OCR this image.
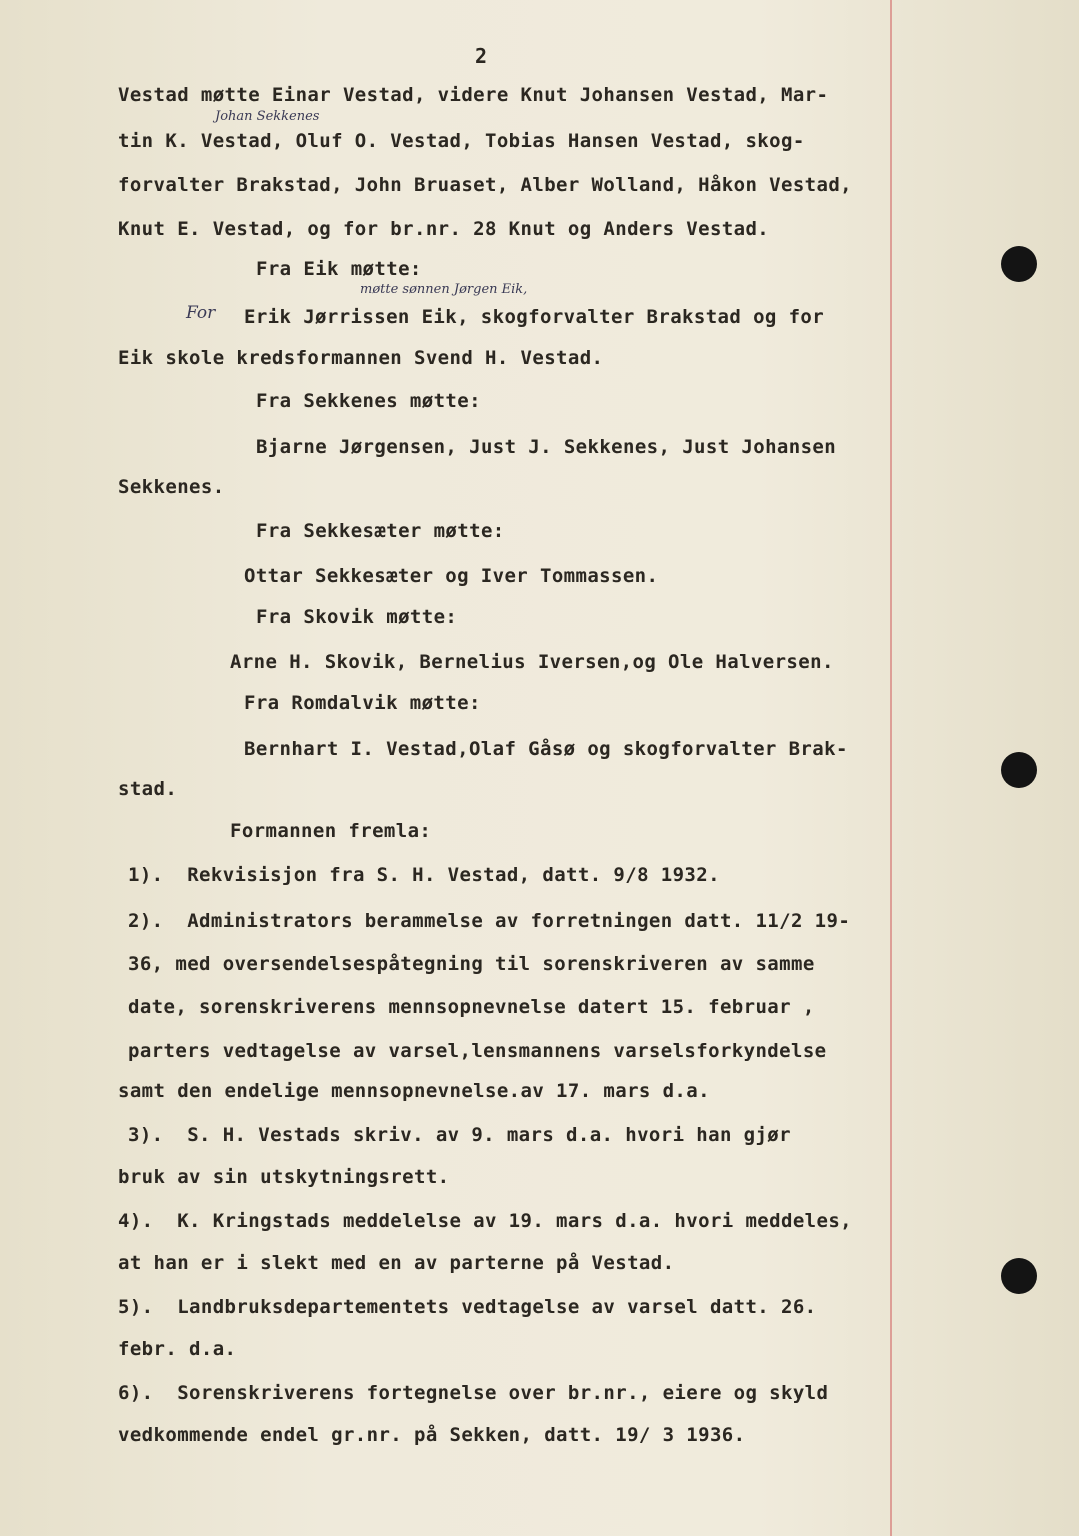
2
Johan Sekkenes
møtte sønnen Jørgen Eik,
For
Vestad møtte Einar Vestad, videre Knut Johansen Vestad, Mar-
tin K. Vestad, Oluf O. Vestad, Tobias Hansen Vestad, skog-
forvalter Brakstad, John Bruaset, Alber Wolland, Håkon Vestad,
Knut E. Vestad, og for br.nr. 28 Knut og Anders Vestad.
Fra Eik møtte:
Erik Jørrissen Eik, skogforvalter Brakstad og for
Eik skole kredsformannen Svend H. Vestad.
Fra Sekkenes møtte:
Bjarne Jørgensen, Just J. Sekkenes, Just Johansen
Sekkenes.
Fra Sekkesæter møtte:
Ottar Sekkesæter og Iver Tommassen.
Fra Skovik møtte:
Arne H. Skovik, Bernelius Iversen,og Ole Halversen.
Fra Romdalvik møtte:
Bernhart I. Vestad,Olaf Gåsø og skogforvalter Brak-
stad.
Formannen fremla:
1).  Rekvisisjon fra S. H. Vestad, datt. 9/8 1932.
2).  Administrators berammelse av forretningen datt. 11/2 19-
36, med oversendelsespåtegning til sorenskriveren av samme
date, sorenskriverens mennsopnevnelse datert 15. februar ,
parters vedtagelse av varsel,lensmannens varselsforkyndelse
samt den endelige mennsopnevnelse.av 17. mars d.a.
3).  S. H. Vestads skriv. av 9. mars d.a. hvori han gjør
bruk av sin utskytningsrett.
4).  K. Kringstads meddelelse av 19. mars d.a. hvori meddeles,
at han er i slekt med en av parterne på Vestad.
5).  Landbruksdepartementets vedtagelse av varsel datt. 26.
febr. d.a.
6).  Sorenskriverens fortegnelse over br.nr., eiere og skyld
vedkommende endel gr.nr. på Sekken, datt. 19/ 3 1936.
